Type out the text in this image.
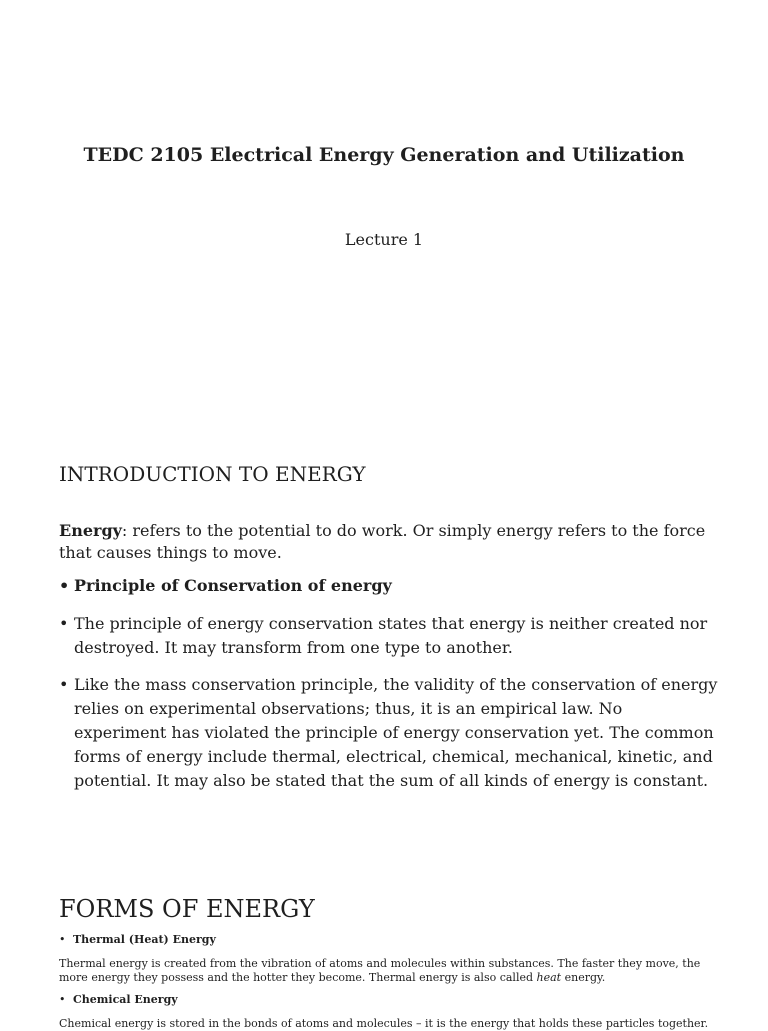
TEDC 2105 Electrical Energy Generation and Utilization

Lecture 1

INTRODUCTION TO ENERGY

Energy: refers to the potential to do work. Or simply energy refers to the force that causes things to move.

• Principle of Conservation of energy
• The principle of energy conservation states that energy is neither created nor destroyed. It may transform from one type to another.
• Like the mass conservation principle, the validity of the conservation of energy relies on experimental observations; thus, it is an empirical law. No experiment has violated the principle of energy conservation yet. The common forms of energy include thermal, electrical, chemical, mechanical, kinetic, and potential. It may also be stated that the sum of all kinds of energy is constant.
FORMS OF ENERGY
• Thermal (Heat) Energy

Thermal energy is created from the vibration of atoms and molecules within substances. The faster they move, the more energy they possess and the hotter they become. Thermal energy is also called heat energy.

• Chemical Energy

Chemical energy is stored in the bonds of atoms and molecules – it is the energy that holds these particles together.
